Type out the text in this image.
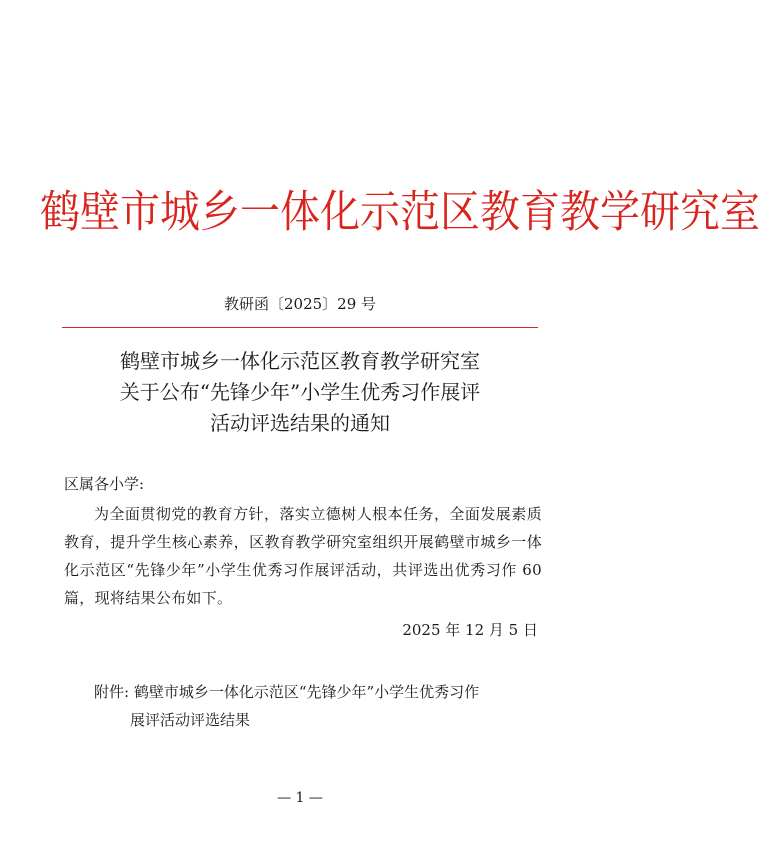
鹤壁市城乡一体化示范区教育教学研究室
教研函〔2025〕29 号
鹤壁市城乡一体化示范区教育教学研究室
关于公布“先锋少年”小学生优秀习作展评
活动评选结果的通知
区属各小学:
为全面贯彻党的教育方针，落实立德树人根本任务，全面发展素质教育，提升学生核心素养，区教育教学研究室组织开展鹤壁市城乡一体化示范区“先锋少年”小学生优秀习作展评活动，共评选出优秀习作 60 篇，现将结果公布如下。
2025 年 12 月 5 日
附件: 鹤壁市城乡一体化示范区“先锋少年”小学生优秀习作
展评活动评选结果
— 1 —
